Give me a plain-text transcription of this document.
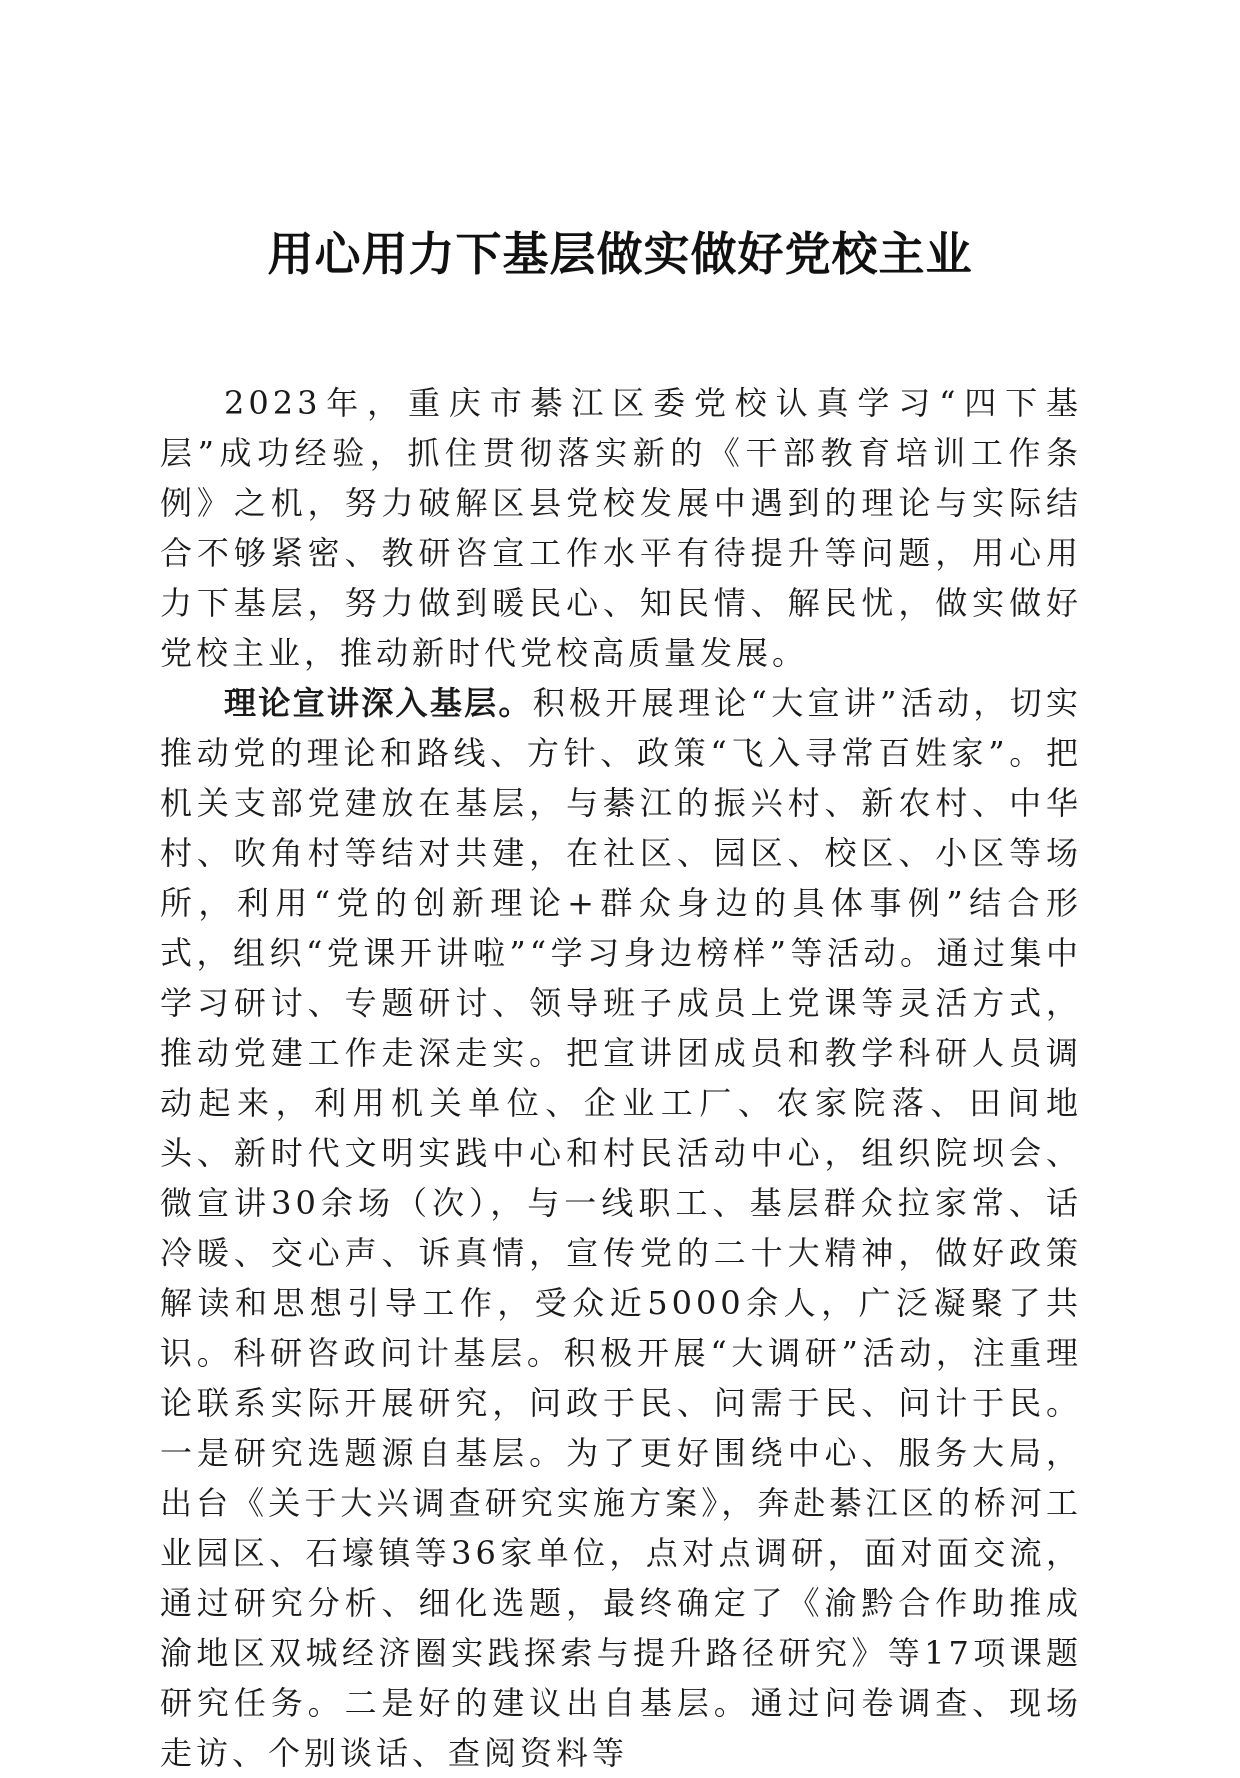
用心用力下基层做实做好党校主业

2023年，重庆市綦江区委党校认真学习“四下基层”成功经验，抓住贯彻落实新的《干部教育培训工作条例》之机，努力破解区县党校发展中遇到的理论与实际结合不够紧密、教研咨宣工作水平有待提升等问题，用心用力下基层，努力做到暖民心、知民情、解民忧，做实做好党校主业，推动新时代党校高质量发展。

理论宣讲深入基层。积极开展理论“大宣讲”活动，切实推动党的理论和路线、方针、政策“飞入寻常百姓家”。把机关支部党建放在基层，与綦江的振兴村、新农村、中华村、吹角村等结对共建，在社区、园区、校区、小区等场所，利用“党的创新理论+群众身边的具体事例”结合形式，组织“党课开讲啦”“学习身边榜样”等活动。通过集中学习研讨、专题研讨、领导班子成员上党课等灵活方式，推动党建工作走深走实。把宣讲团成员和教学科研人员调动起来，利用机关单位、企业工厂、农家院落、田间地头、新时代文明实践中心和村民活动中心，组织院坝会、微宣讲30余场（次），与一线职工、基层群众拉家常、话冷暖、交心声、诉真情，宣传党的二十大精神，做好政策解读和思想引导工作，受众近5000余人，广泛凝聚了共识。科研咨政问计基层。积极开展“大调研”活动，注重理论联系实际开展研究，问政于民、问需于民、问计于民。一是研究选题源自基层。为了更好围绕中心、服务大局，出台《关于大兴调查研究实施方案》，奔赴綦江区的桥河工业园区、石壕镇等36家单位，点对点调研，面对面交流，通过研究分析、细化选题，最终确定了《渝黔合作助推成渝地区双城经济圈实践探索与提升路径研究》等17项课题研究任务。二是好的建议出自基层。通过问卷调查、现场走访、个别谈话、查阅资料等
